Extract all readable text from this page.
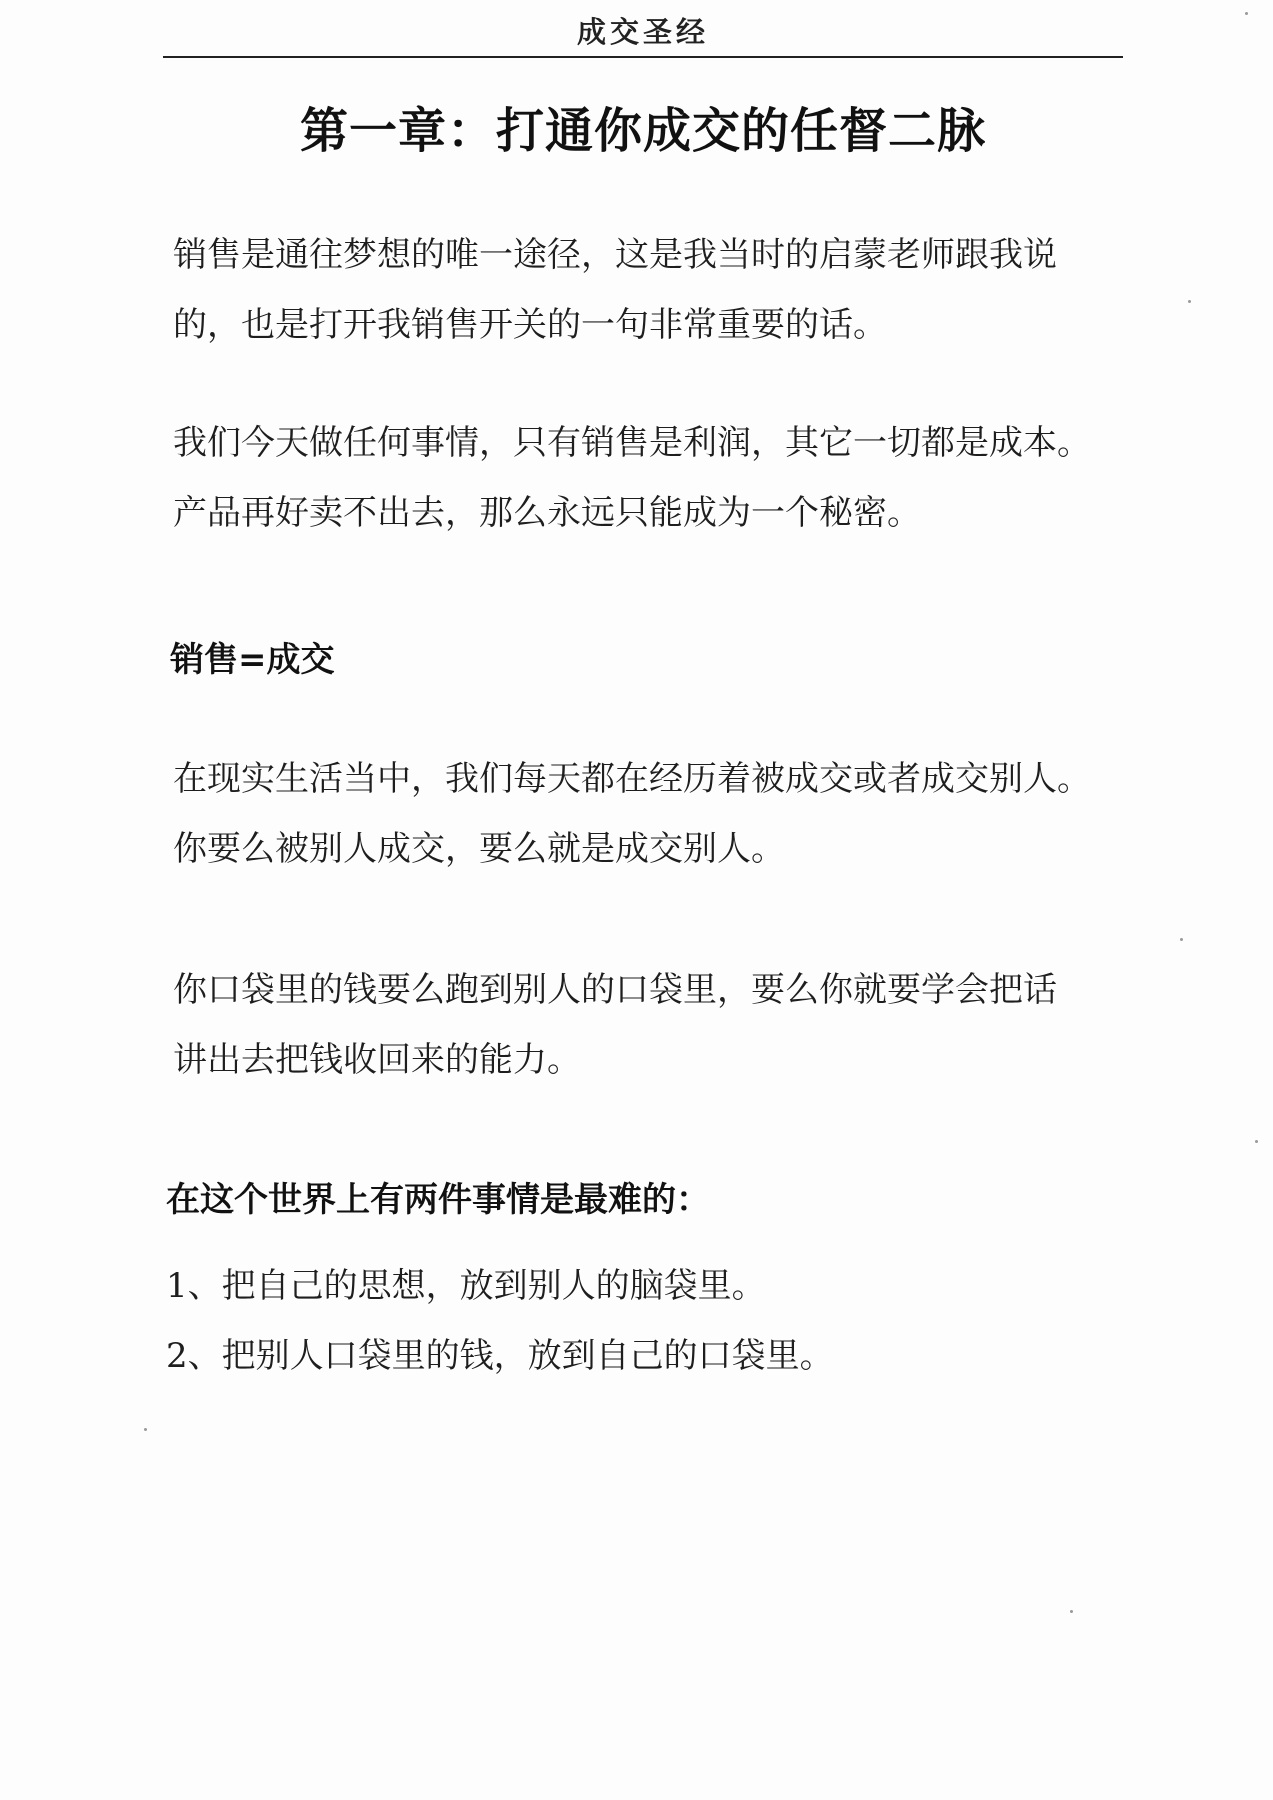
成交圣经
第一章：打通你成交的任督二脉

销售是通往梦想的唯一途径，这是我当时的启蒙老师跟我说
的，也是打开我销售开关的一句非常重要的话。

我们今天做任何事情，只有销售是利润，其它一切都是成本。
产品再好卖不出去，那么永远只能成为一个秘密。

销售=成交

在现实生活当中，我们每天都在经历着被成交或者成交别人。
你要么被别人成交，要么就是成交别人。

你口袋里的钱要么跑到别人的口袋里，要么你就要学会把话
讲出去把钱收回来的能力。

在这个世界上有两件事情是最难的：
1、把自己的思想，放到别人的脑袋里。
2、把别人口袋里的钱，放到自己的口袋里。
